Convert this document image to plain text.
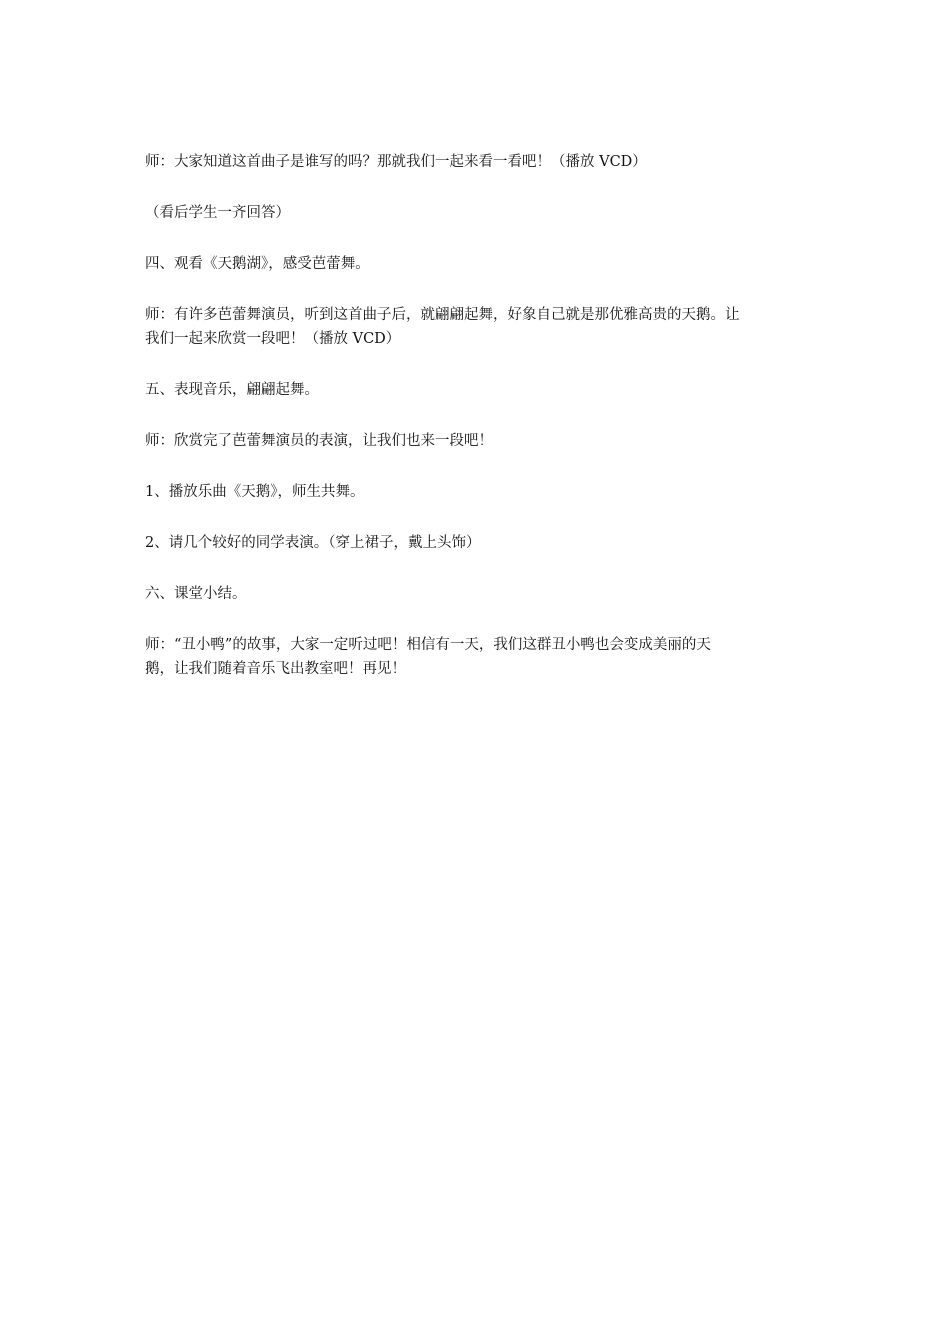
师：大家知道这首曲子是谁写的吗？那就我们一起来看一看吧！（播放 VCD）

（看后学生一齐回答）

四、观看《天鹅湖》，感受芭蕾舞。

师：有许多芭蕾舞演员，听到这首曲子后，就翩翩起舞，好象自己就是那优雅高贵的天鹅。让
我们一起来欣赏一段吧！（播放 VCD）

五、表现音乐，翩翩起舞。

师：欣赏完了芭蕾舞演员的表演，让我们也来一段吧！

1、播放乐曲《天鹅》，师生共舞。

2、请几个较好的同学表演。（穿上裙子，戴上头饰）

六、课堂小结。

师：“丑小鸭”的故事，大家一定听过吧！相信有一天，我们这群丑小鸭也会变成美丽的天
鹅，让我们随着音乐飞出教室吧！再见！
